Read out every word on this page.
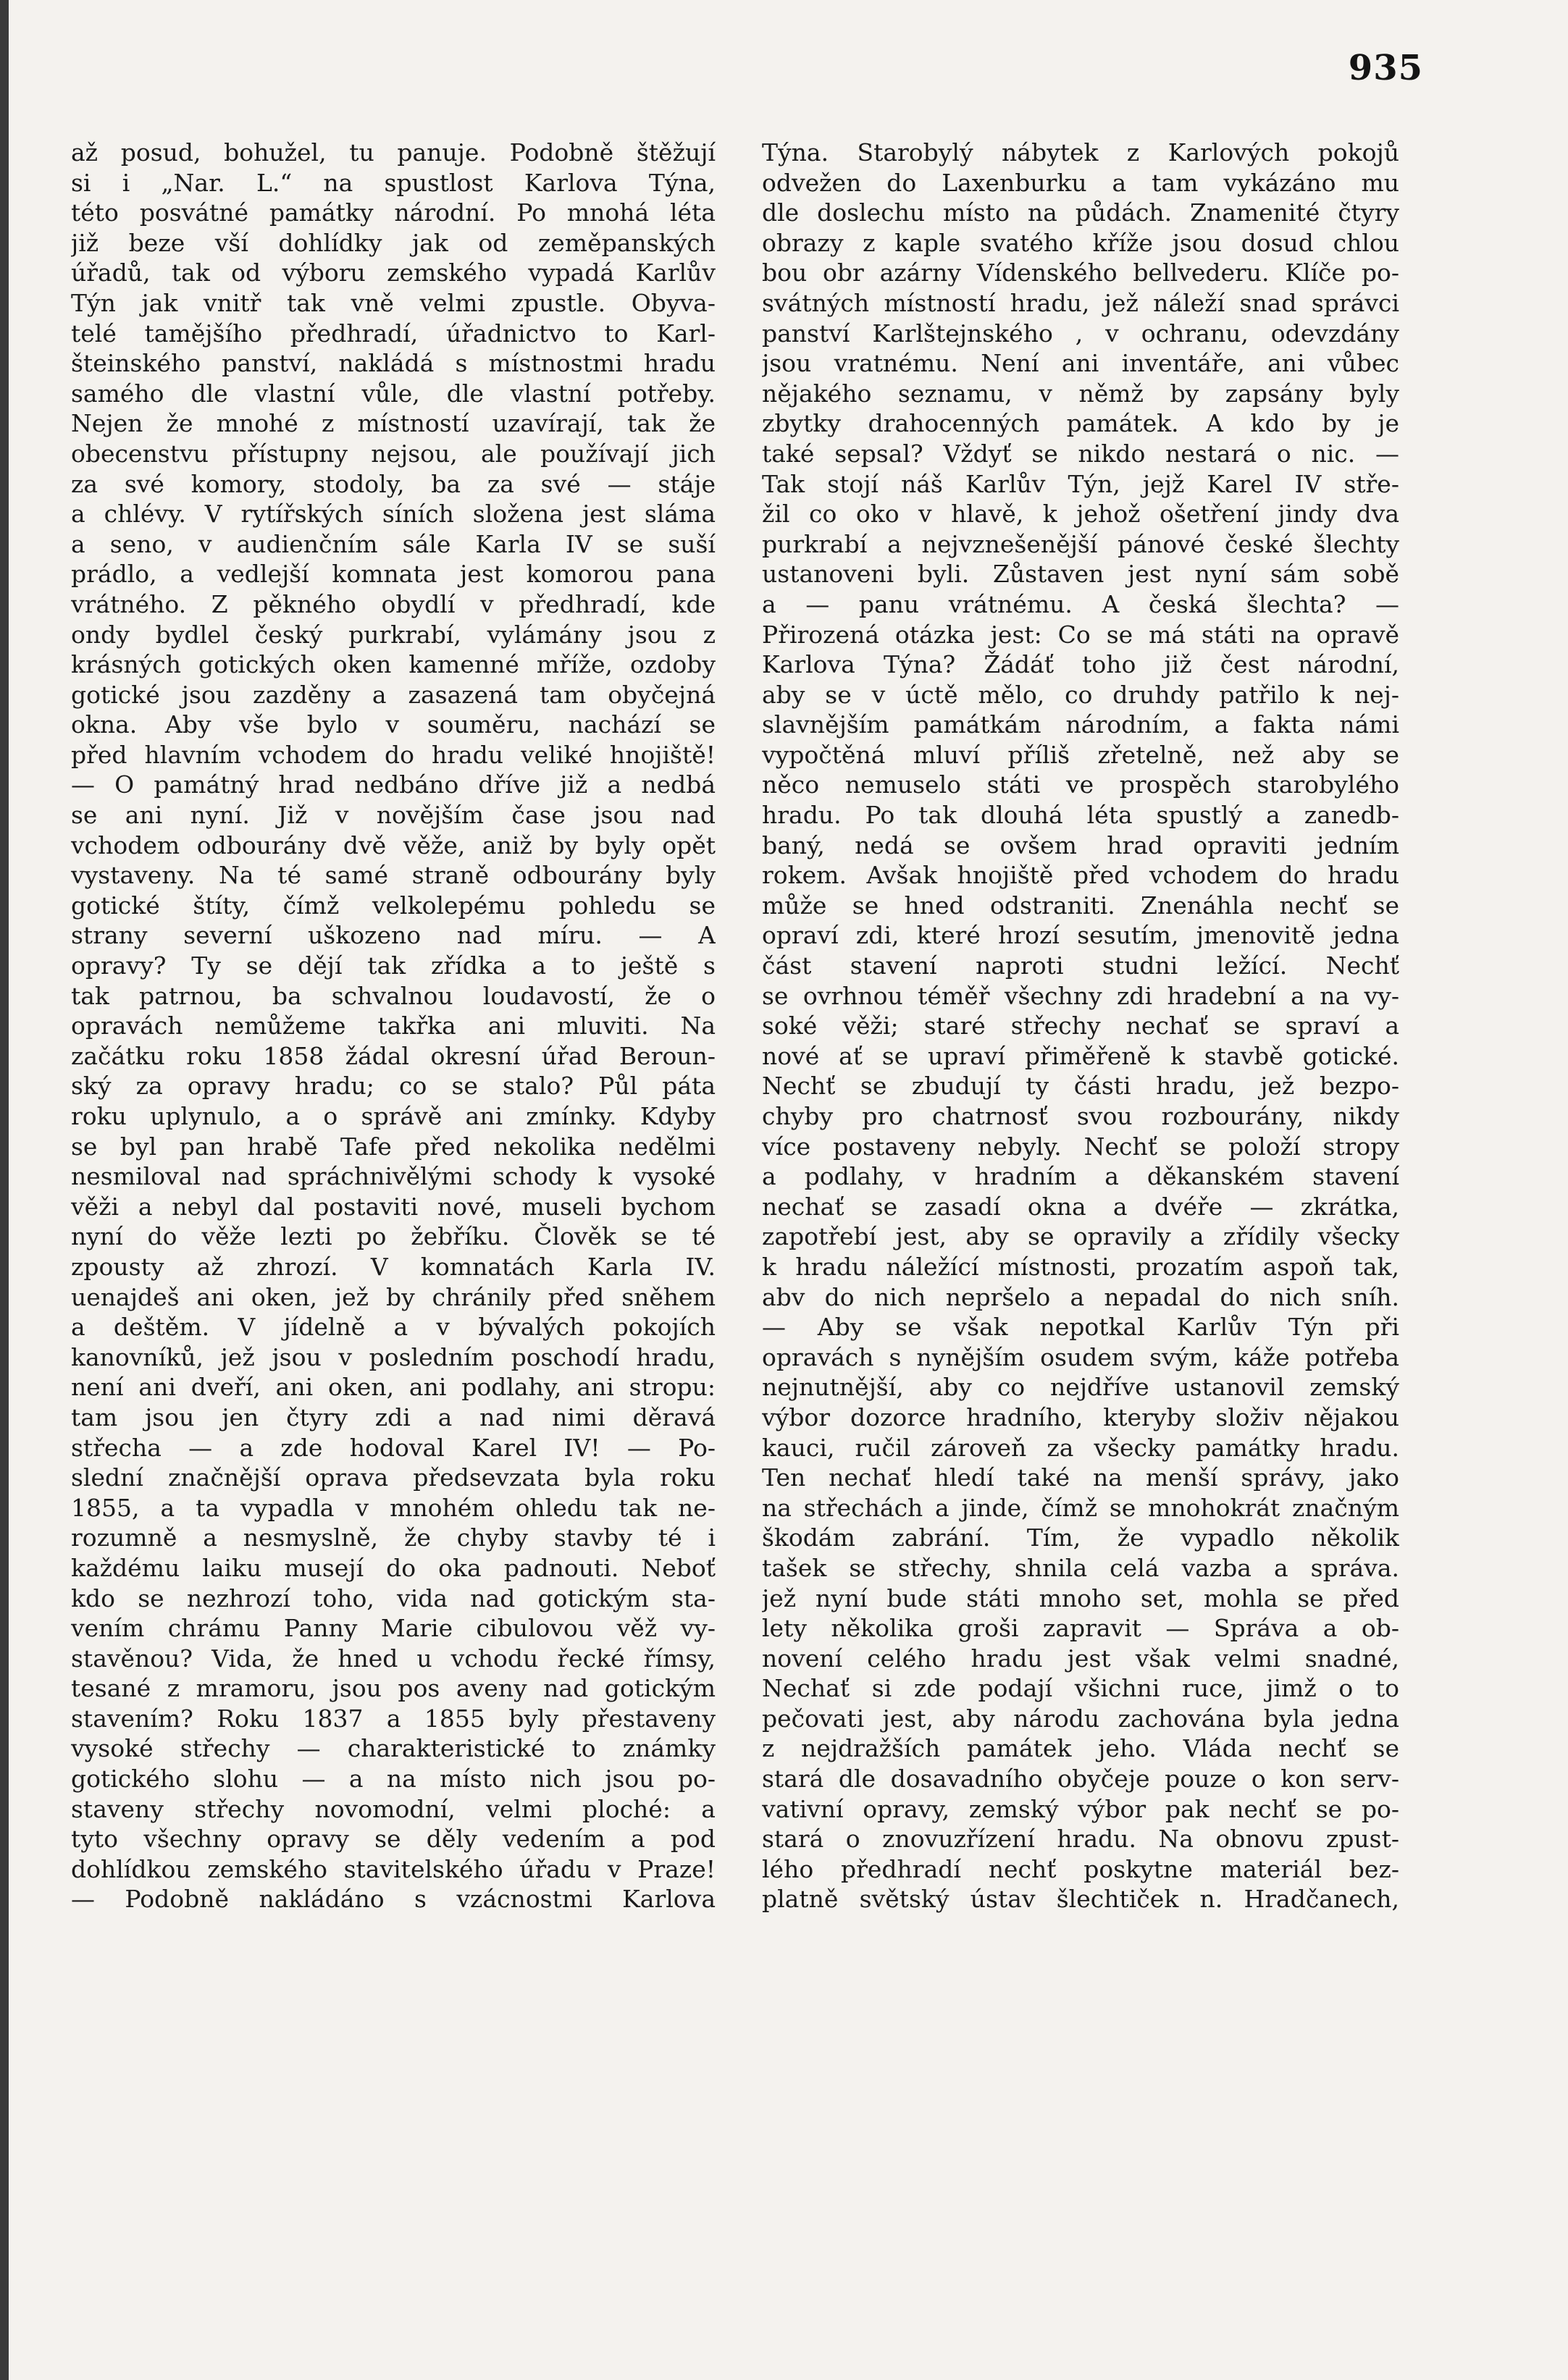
935
až posud, bohužel, tu panuje. Podobně štěžují
si i „Nar. L.“ na spustlost Karlova Týna,
této posvátné památky národní. Po mnohá léta
již beze vší dohlídky jak od zeměpanských
úřadů, tak od výboru zemského vypadá Karlův
Týn jak vnitř tak vně velmi zpustle. Obyva-
telé tamějšího předhradí, úřadnictvo to Karl-
šteinského panství, nakládá s místnostmi hradu
samého dle vlastní vůle, dle vlastní potřeby.
Nejen že mnohé z místností uzavírají, tak že
obecenstvu přístupny nejsou, ale používají jich
za své komory, stodoly, ba za své — stáje
a chlévy. V rytířských síních složena jest sláma
a seno, v audienčním sále Karla IV se suší
prádlo, a vedlejší komnata jest komorou pana
vrátného. Z pěkného obydlí v předhradí, kde
ondy bydlel český purkrabí, vylámány jsou z
krásných gotických oken kamenné mříže, ozdoby
gotické jsou zazděny a zasazená tam obyčejná
okna. Aby vše bylo v souměru, nachází se
před hlavním vchodem do hradu veliké hnojiště!
— O památný hrad nedbáno dříve již a nedbá
se ani nyní. Již v novějším čase jsou nad
vchodem odbourány dvě věže, aniž by byly opět
vystaveny. Na té samé straně odbourány byly
gotické štíty, čímž velkolepému pohledu se
strany severní uškozeno nad míru. — A
opravy? Ty se dějí tak zřídka a to ještě s
tak patrnou, ba schvalnou loudavostí, že o
opravách nemůžeme takřka ani mluviti. Na
začátku roku 1858 žádal okresní úřad Beroun-
ský za opravy hradu; co se stalo? Půl páta
roku uplynulo, a o správě ani zmínky. Kdyby
se byl pan hrabě Tafe před nekolika nedělmi
nesmiloval nad spráchnivělými schody k vysoké
věži a nebyl dal postaviti nové, museli bychom
nyní do věže lezti po žebříku. Člověk se té
zpousty až zhrozí. V komnatách Karla IV.
uenajdeš ani oken, jež by chránily před sněhem
a deštěm. V jídelně a v bývalých pokojích
kanovníků, jež jsou v posledním poschodí hradu,
není ani dveří, ani oken, ani podlahy, ani stropu:
tam jsou jen čtyry zdi a nad nimi děravá
střecha — a zde hodoval Karel IV! — Po-
slední značnější oprava předsevzata byla roku
1855, a ta vypadla v mnohém ohledu tak ne-
rozumně a nesmyslně, že chyby stavby té i
každému laiku musejí do oka padnouti. Neboť
kdo se nezhrozí toho, vida nad gotickým sta-
vením chrámu Panny Marie cibulovou věž vy-
stavěnou? Vida, že hned u vchodu řecké římsy,
tesané z mramoru, jsou pos aveny nad gotickým
stavením? Roku 1837 a 1855 byly přestaveny
vysoké střechy — charakteristické to známky
gotického slohu — a na místo nich jsou po-
staveny střechy novomodní, velmi ploché: a
tyto všechny opravy se děly vedením a pod
dohlídkou zemského stavitelského úřadu v Praze!
— Podobně nakládáno s vzácnostmi Karlova
Týna. Starobylý nábytek z Karlových pokojů
odvežen do Laxenburku a tam vykázáno mu
dle doslechu místo na půdách. Znamenité čtyry
obrazy z kaple svatého kříže jsou dosud chlou
bou obr azárny Vídenského bellvederu. Klíče po-
svátných místností hradu, jež náleží snad správci
panství Karlštejnského , v ochranu, odevzdány
jsou vratnému. Není ani inventáře, ani vůbec
nějakého seznamu, v němž by zapsány byly
zbytky drahocenných památek. A kdo by je
také sepsal? Vždyť se nikdo nestará o nic. —
Tak stojí náš Karlův Týn, jejž Karel IV stře-
žil co oko v hlavě, k jehož ošetření jindy dva
purkrabí a nejvznešenější pánové české šlechty
ustanoveni byli. Zůstaven jest nyní sám sobě
a — panu vrátnému. A česká šlechta? —
Přirozená otázka jest: Co se má státi na opravě
Karlova Týna? Žádáť toho již čest národní,
aby se v úctě mělo, co druhdy patřilo k nej-
slavnějším památkám národním, a fakta námi
vypočtěná mluví příliš zřetelně, než aby se
něco nemuselo státi ve prospěch starobylého
hradu. Po tak dlouhá léta spustlý a zanedb-
baný, nedá se ovšem hrad opraviti jedním
rokem. Avšak hnojiště před vchodem do hradu
může se hned odstraniti. Znenáhla nechť se
opraví zdi, které hrozí sesutím, jmenovitě jedna
část stavení naproti studni ležící. Nechť
se ovrhnou téměř všechny zdi hradební a na vy-
soké věži; staré střechy nechať se spraví a
nové ať se upraví přiměřeně k stavbě gotické.
Nechť se zbudují ty části hradu, jež bezpo-
chyby pro chatrnosť svou rozbourány, nikdy
více postaveny nebyly. Nechť se položí stropy
a podlahy, v hradním a děkanském stavení
nechať se zasadí okna a dvéře — zkrátka,
zapotřebí jest, aby se opravily a zřídily všecky
k hradu náležící místnosti, prozatím aspoň tak,
abv do nich nepršelo a nepadal do nich sníh.
— Aby se však nepotkal Karlův Týn při
opravách s nynějším osudem svým, káže potřeba
nejnutnější, aby co nejdříve ustanovil zemský
výbor dozorce hradního, kteryby složiv nějakou
kauci, ručil zároveň za všecky památky hradu.
Ten nechať hledí také na menší správy, jako
na střechách a jinde, čímž se mnohokrát značným
škodám zabrání. Tím, že vypadlo několik
tašek se střechy, shnila celá vazba a správa.
jež nyní bude státi mnoho set, mohla se před
lety několika groši zapravit — Správa a ob-
novení celého hradu jest však velmi snadné,
Nechať si zde podají všichni ruce, jimž o to
pečovati jest, aby národu zachována byla jedna
z nejdražších památek jeho. Vláda nechť se
stará dle dosavadního obyčeje pouze o kon serv-
vativní opravy, zemský výbor pak nechť se po-
stará o znovuzřízení hradu. Na obnovu zpust-
lého předhradí nechť poskytne materiál bez-
platně světský ústav šlechtiček n. Hradčanech,
